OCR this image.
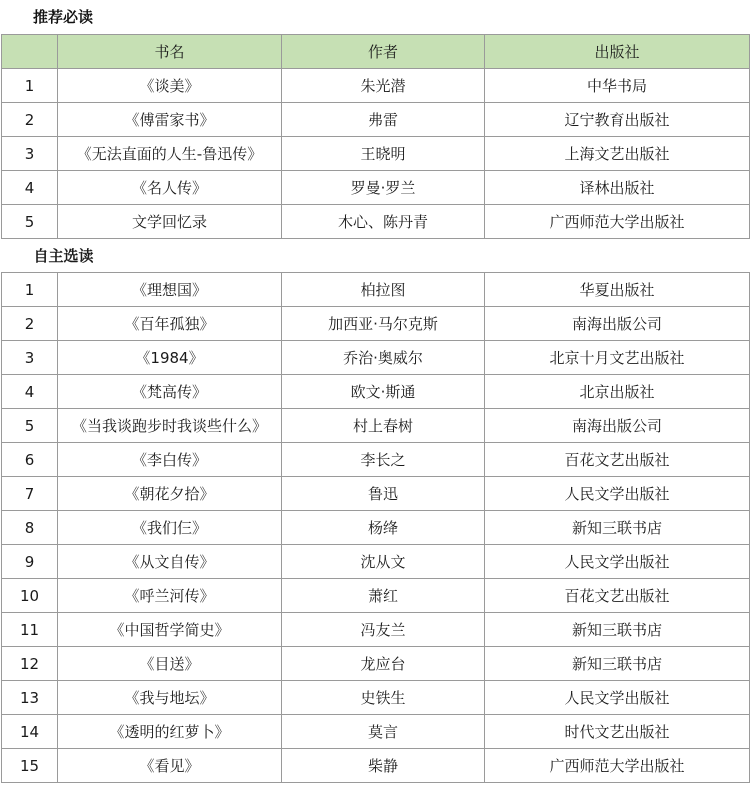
推荐必读
	书名	作者	出版社
1	《谈美》	朱光潜	中华书局
2	《傅雷家书》	弗雷	辽宁教育出版社
3	《无法直面的人生-鲁迅传》	王晓明	上海文艺出版社
4	《名人传》	罗曼·罗兰	译林出版社
5	文学回忆录	木心、陈丹青	广西师范大学出版社
自主选读			
1	《理想国》	柏拉图	华夏出版社
2	《百年孤独》	加西亚·马尔克斯	南海出版公司
3	《1984》	乔治·奥威尔	北京十月文艺出版社
4	《梵高传》	欧文·斯通	北京出版社
5	《当我谈跑步时我谈些什么》	村上春树	南海出版公司
6	《李白传》	李长之	百花文艺出版社
7	《朝花夕拾》	鲁迅	人民文学出版社
8	《我们仨》	杨绛	新知三联书店
9	《从文自传》	沈从文	人民文学出版社
10	《呼兰河传》	萧红	百花文艺出版社
11	《中国哲学简史》	冯友兰	新知三联书店
12	《目送》	龙应台	新知三联书店
13	《我与地坛》	史铁生	人民文学出版社
14	《透明的红萝卜》	莫言	时代文艺出版社
15	《看见》	柴静	广西师范大学出版社
